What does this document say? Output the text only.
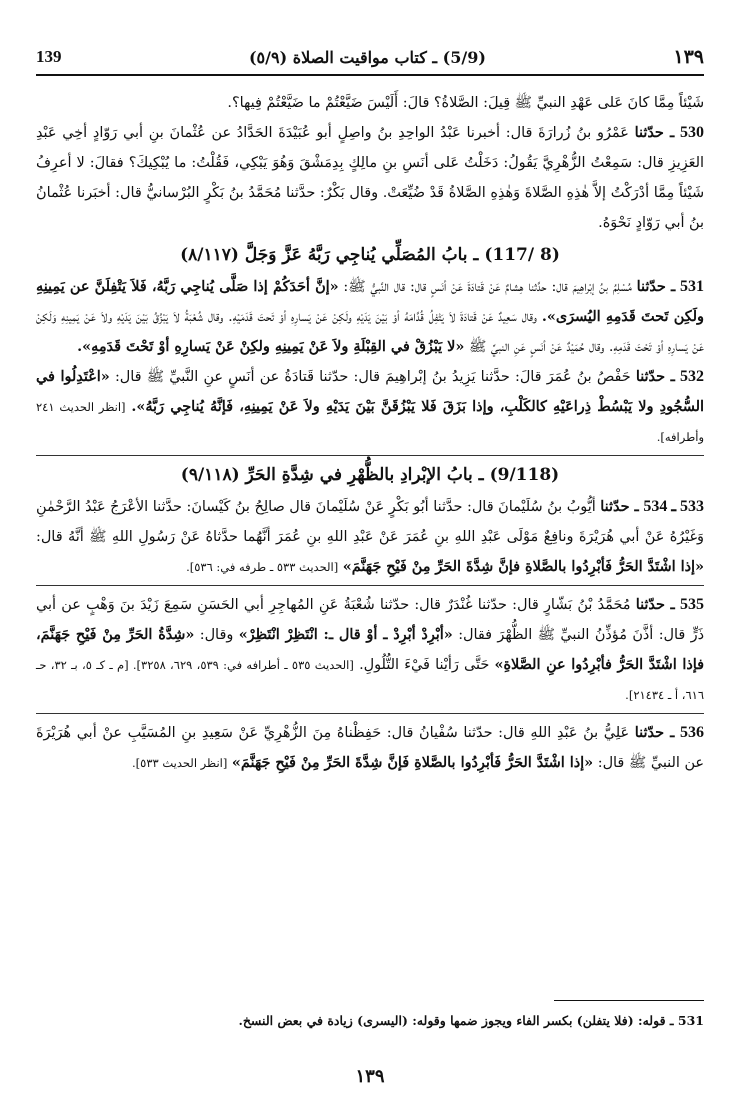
139	(5/9) ـ كتاب مواقيت الصلاة (٥/٩)	١٣٩

شَيْئاً مِمَّا كانَ عَلى عَهْدِ النبيِّ ﷺ قِيلَ: الصَّلاةُ؟ قالَ: أَلَيْسَ ضَيَّعْتُمْ ما ضَيَّعْتُمْ فِيها؟.

530 ـ حدّثنا عَمْرُو بنُ زُرارَةَ قال: أخبرنا عَبْدُ الواحِدِ بنُ واصِلٍ أبو عُبَيْدَةَ الحَدَّادُ عن عُثْمانَ بنِ أبي رَوّادٍ أخِي عَبْدِ العَزِيزِ قال: سَمِعْتُ الزُّهْرِيَّ يَقُولُ: دَخَلْتُ عَلى أنَسِ بنِ مالِكٍ بِدِمَشْقَ وَهُوَ يَبْكِي، فَقُلْتُ: ما يُبْكِيكَ؟ فقالَ: لا أعرِفُ شَيْئاً مِمَّا أدْرَكْتُ إلاَّ هٰذِهِ الصَّلاةَ وَهٰذِهِ الصَّلاةُ قَدْ ضُيِّعَتْ. وقال بَكْرٌ: حدَّثنا مُحَمَّدُ بنُ بَكْرٍ البُرْسانيُّ قال: أخبَرنا عُثْمانُ بنُ أبي رَوّادٍ نَحْوَهُ.

(8 /117) ـ بابُ المُصَلِّي يُناجِي رَبَّهُ عَزَّ وَجَلَّ (٨/١١٧)

531 ـ حدّثنا مُسْلِمُ بنُ إبْراهِيمَ قال: حدَّثنا هِشامٌ عَنْ قَتادَةَ عَنْ أنَسٍ قال: قال النَّبيُّ ﷺ: «إنَّ أحَدَكُمْ إذا صَلَّى يُناجِي رَبَّهُ، فَلاَ يَتْفِلَنَّ عن يَمِينِهِ ولَكِن تَحتَ قَدَمِهِ اليُسرَى». وقال سَعِيدٌ عَنْ قَتادَةَ لاَ يَتْفِلُ قُدَّامَهُ أوْ بَيْنَ يَدَيْهِ ولَكِنْ عَنْ يَسارِهِ أوْ تَحتَ قَدَمَيْهِ. وقال شُعْبَةُ لاَ يَبْزُقُ بَيْنَ يَدَيْهِ ولاَ عَنْ يَمِينِهِ وَلَكِنْ عَنْ يَسارِهِ أوْ تَحْتَ قَدَمِهِ. وقال حُمَيْدٌ عَنْ أنَسٍ عَنِ النبيِّ ﷺ «لا يَبْزُقْ في القِبْلَةِ ولاَ عَنْ يَمِينِهِ ولكِنْ عَنْ يَسارِهِ أوْ تَحْتَ قَدَمِهِ».

532 ـ حدّثنا حَفْصُ بنُ عُمَرَ قالَ: حدَّثنا يَزِيدُ بنُ إبْراهِيمَ قال: حدّثنا قَتادَةُ عن أنَسٍ عنِ النَّبيِّ ﷺ قال: «اعْتَدِلُوا في السُّجُودِ ولا يَبْسُطْ ذِراعَيْهِ كالكَلْبِ، وإذا بَزَقَ فَلا يَبْزُقَنَّ بَيْنَ يَدَيْهِ ولاَ عَنْ يَمِينِهِ، فَإنَّهُ يُناجِي رَبَّهُ». [انظر الحديث ٢٤١ وأطرافه].

(9/118) ـ بابُ الإبْرادِ بالظُّهْرِ في شِدَّةِ الحَرِّ (٩/١١٨)

533 ـ 534 ـ حدّثنا أيُّوبُ بنُ سُلَيْمانَ قال: حدَّثنا أبُو بَكْرٍ عَنْ سُلَيْمانَ قال صالِحُ بنُ كَيْسانَ: حدَّثنا الأعْرَجُ عَبْدُ الرَّحْمٰنِ وَغَيْرُهُ عَنْ أبي هُرَيْرَةَ ونافِعٌ مَوْلَى عَبْدِ اللهِ بنِ عُمَرَ عَنْ عَبْدِ اللهِ بنِ عُمَرَ أنَّهُما حدَّثاهُ عَنْ رَسُولِ اللهِ ﷺ أنَّهُ قال: «إذا اشْتَدَّ الحَرُّ فَأبْرِدُوا بالصَّلاةِ فإنَّ شِدَّةَ الحَرِّ مِنْ فَيْحِ جَهَنَّمَ» [الحديث ٥٣٣ ـ طرفه في: ٥٣٦].

535 ـ حدّثنا مُحَمَّدُ بْنُ بَشّارٍ قال: حدّثنا غُنْدَرٌ قال: حدّثنا شُعْبَةُ عَنِ المُهاجِرِ أبي الحَسَنِ سَمِعَ زَيْدَ بنَ وَهْبٍ عن أبي ذَرٍّ قال: أذَّنَ مُؤذِّنُ النبيِّ ﷺ الظُّهْرَ فقال: «أبْرِدْ أبْرِدْ ـ أوْ قال ـ: انْتَظِرْ انْتَظِرْ» وقال: «شِدَّةُ الحَرِّ مِنْ فَيْحِ جَهَنَّمَ، فإذا اشْتَدَّ الحَرُّ فأبْرِدُوا عنِ الصَّلاةِ» حَتَّى رَأيْنا فَيْءَ التُّلُولِ. [الحديث ٥٣٥ ـ أطرافه في: ٥٣٩، ٦٢٩، ٣٢٥٨]. [م ـ كـ ٥، بـ ٣٢، حـ ٦١٦، أ ـ ٢١٤٣٤].

536 ـ حدّثنا عَلِيُّ بنُ عَبْدِ اللهِ قال: حدّثنا سُفْيانُ قال: حَفِظْناهُ مِنَ الزُّهْرِيِّ عَنْ سَعِيدِ بنِ المُسَيَّبِ عنْ أبي هُرَيْرَةَ عن النبيِّ ﷺ قال: «إذا اشْتَدَّ الحَرُّ فَأبْرِدُوا بالصَّلاةِ فَإنَّ شِدَّةَ الحَرِّ مِنْ فَيْحِ جَهَنَّمَ» [انظر الحديث ٥٣٣].

531 ـ قوله: (فلا يتفلن) بكسر الفاء ويجوز ضمها وقوله: (اليسرى) زيادة في بعض النسخ.
١٣٩
